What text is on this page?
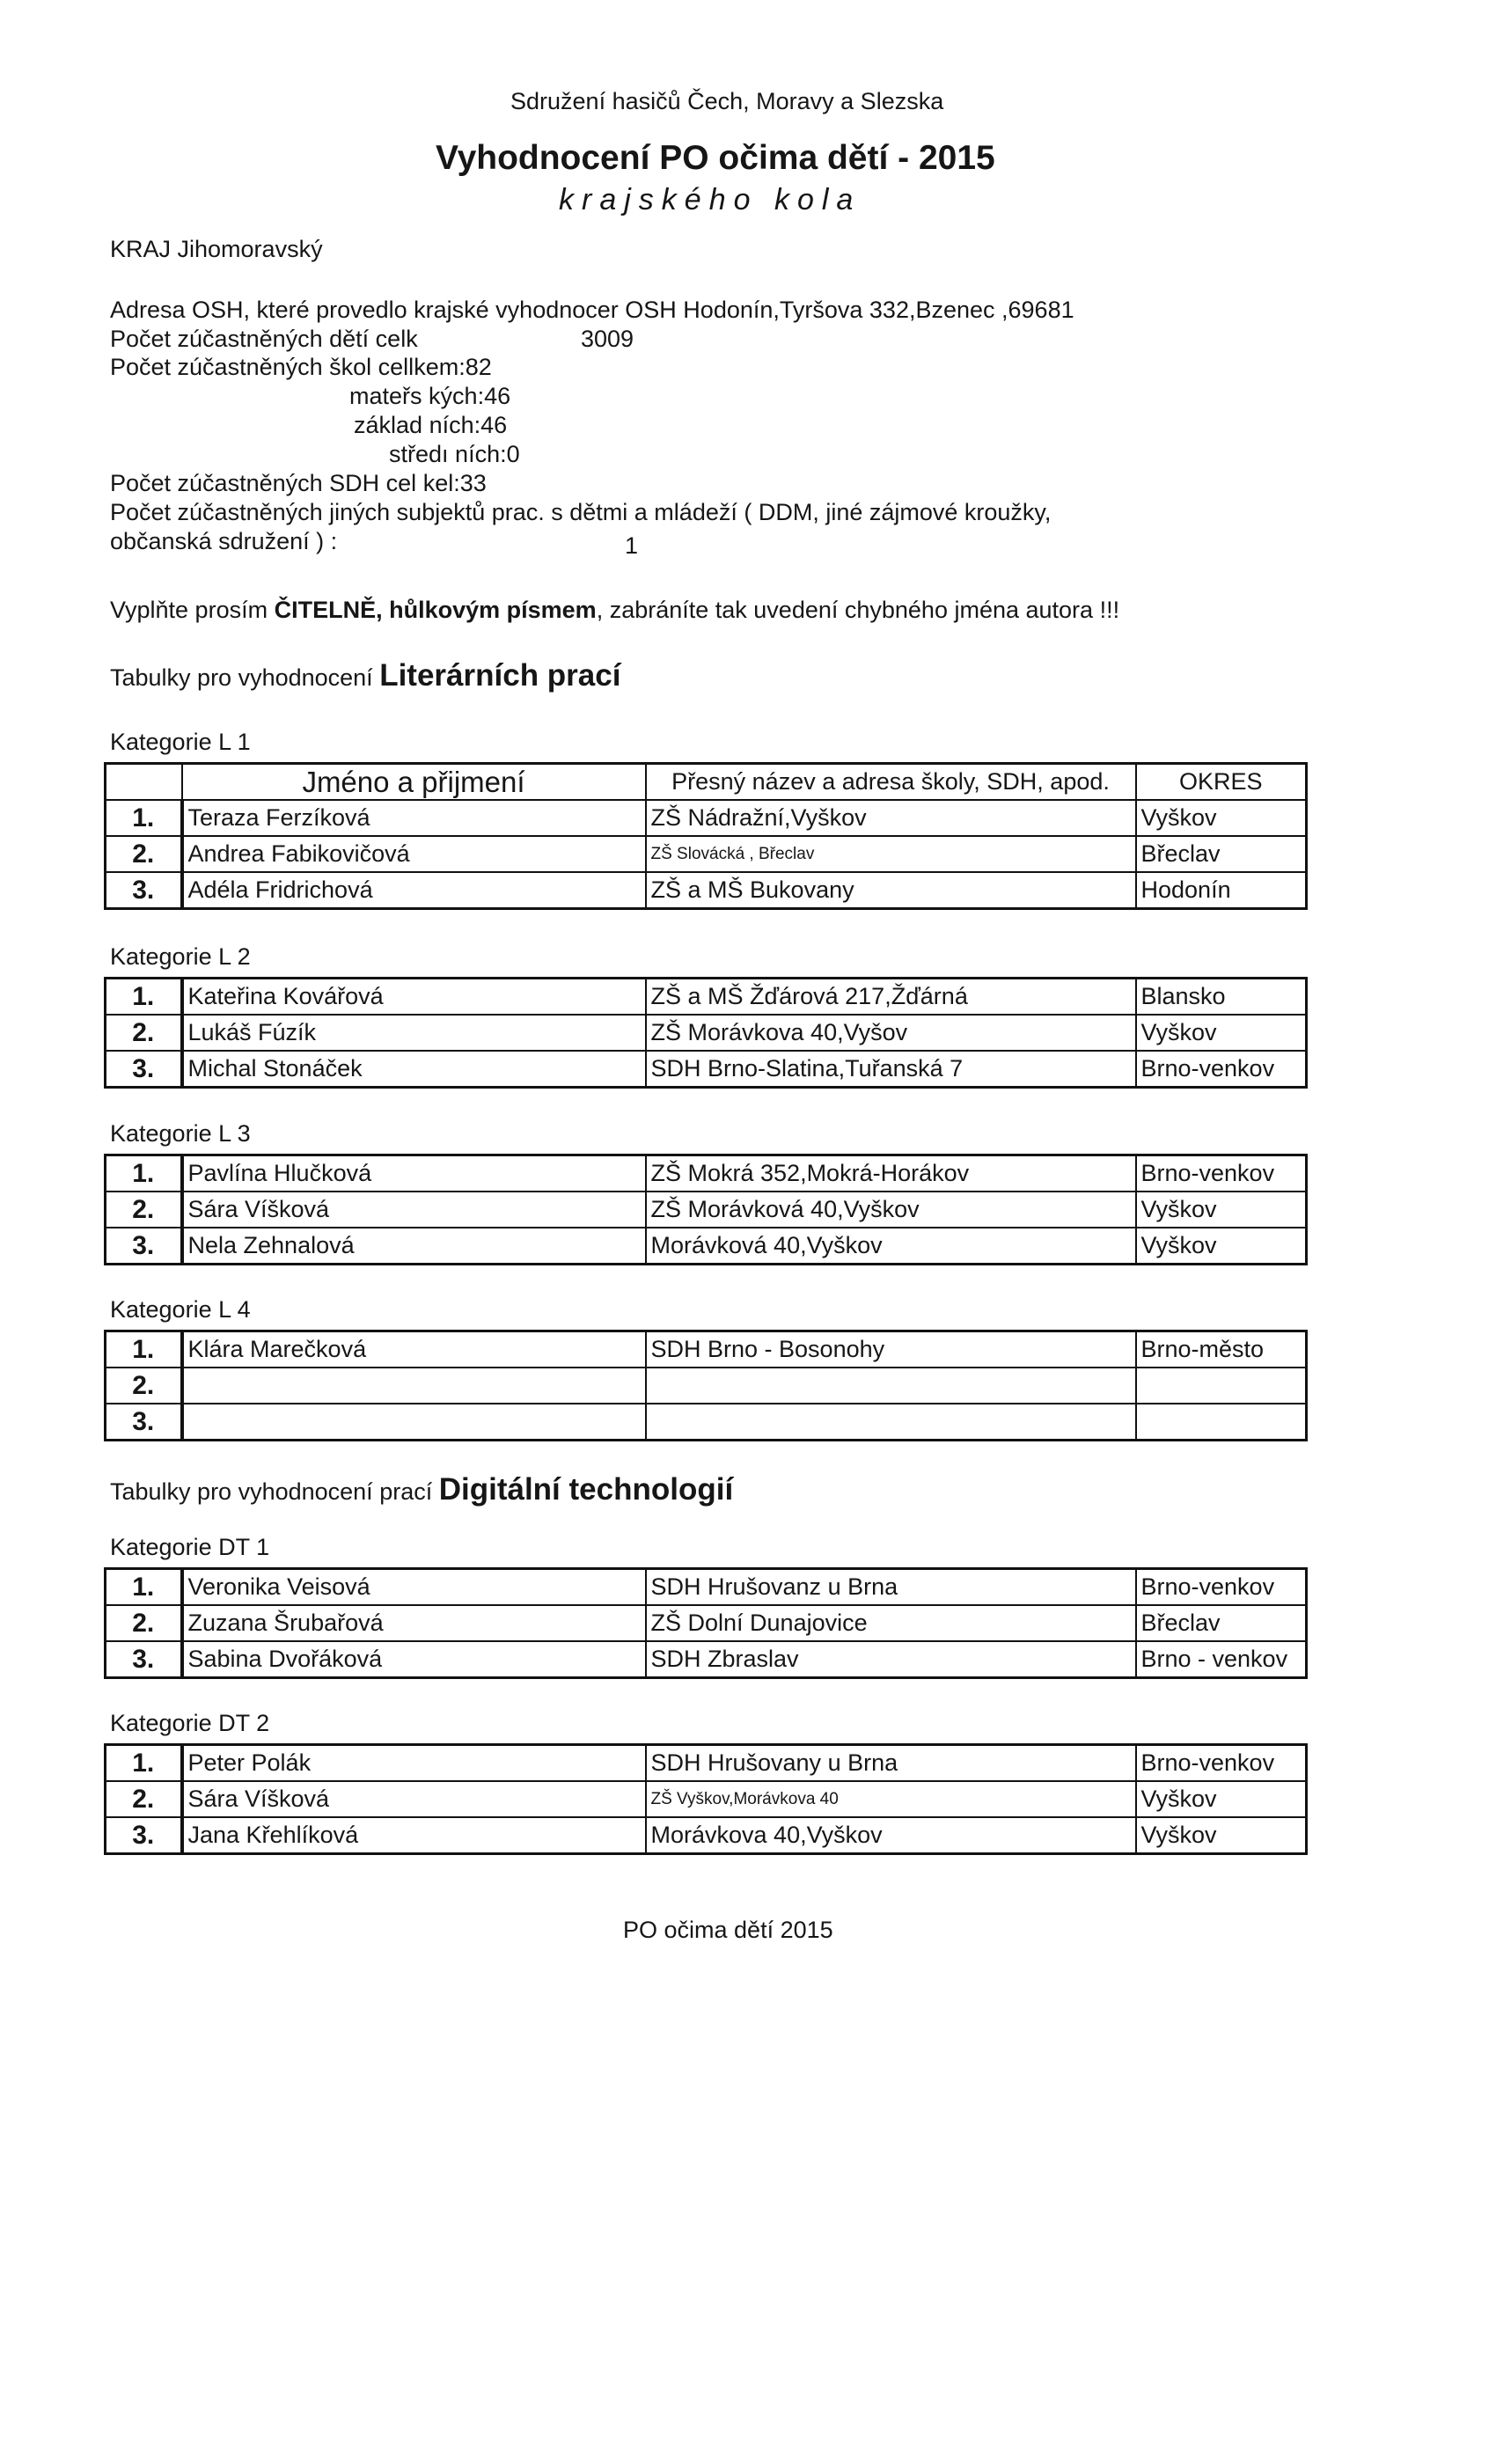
Sdružení hasičů Čech, Moravy a Slezska
Vyhodnocení PO očima dětí - 2015
krajského kola
KRAJ Jihomoravský
Adresa OSH, které provedlo krajské vyhodnocer OSH Hodonín,Tyršova 332,Bzenec ,69681
Počet zúčastněných dětí celk	3009
Počet zúčastněných škol cellkem:82
mateřs kých:46
základ ních:46
středı ních:0
Počet zúčastněných SDH cel kel:33
Počet zúčastněných jiných subjektů prac. s dětmi a mládeží ( DDM, jiné zájmové kroužky,
občanská sdružení ) :	1
Vyplňte prosím ČITELNĚ, hůlkovým písmem, zabráníte tak uvedení chybného jména autora !!!
Tabulky pro vyhodnocení Literárních prací
Kategorie L 1
	Jméno a přijmení	Přesný název a adresa školy, SDH, apod.	OKRES
1.	Teraza Ferzíková	ZŠ Nádražní,Vyškov	Vyškov
2.	Andrea Fabikovičová	ZŠ Slovácká , Břeclav	Břeclav
3.	Adéla Fridrichová	ZŠ a MŠ Bukovany	Hodonín
Kategorie L 2
1.	Kateřina Kovářová	ZŠ a MŠ Žďárová 217,Žďárná	Blansko
2.	Lukáš Fúzík	ZŠ Morávkova 40,Vyšov	Vyškov
3.	Michal Stonáček	SDH Brno-Slatina,Tuřanská 7	Brno-venkov
Kategorie L 3
1.	Pavlína Hlučková	ZŠ Mokrá 352,Mokrá-Horákov	Brno-venkov
2.	Sára Víšková	ZŠ Morávková 40,Vyškov	Vyškov
3.	Nela Zehnalová	Morávková 40,Vyškov	Vyškov
Kategorie L 4
1.	Klára Marečková	SDH Brno - Bosonohy	Brno-město
2.			
3.			
Tabulky pro vyhodnocení prací Digitální technologií
Kategorie DT 1
1.	Veronika Veisová	SDH Hrušovanz u Brna	Brno-venkov
2.	Zuzana Šrubařová	ZŠ Dolní Dunajovice	Břeclav
3.	Sabina Dvořáková	SDH Zbraslav	Brno - venkov
Kategorie DT 2
1.	Peter Polák	SDH Hrušovany u Brna	Brno-venkov
2.	Sára Víšková	ZŠ Vyškov,Morávkova 40	Vyškov
3.	Jana Křehlíková	Morávkova 40,Vyškov	Vyškov
PO očima dětí 2015
